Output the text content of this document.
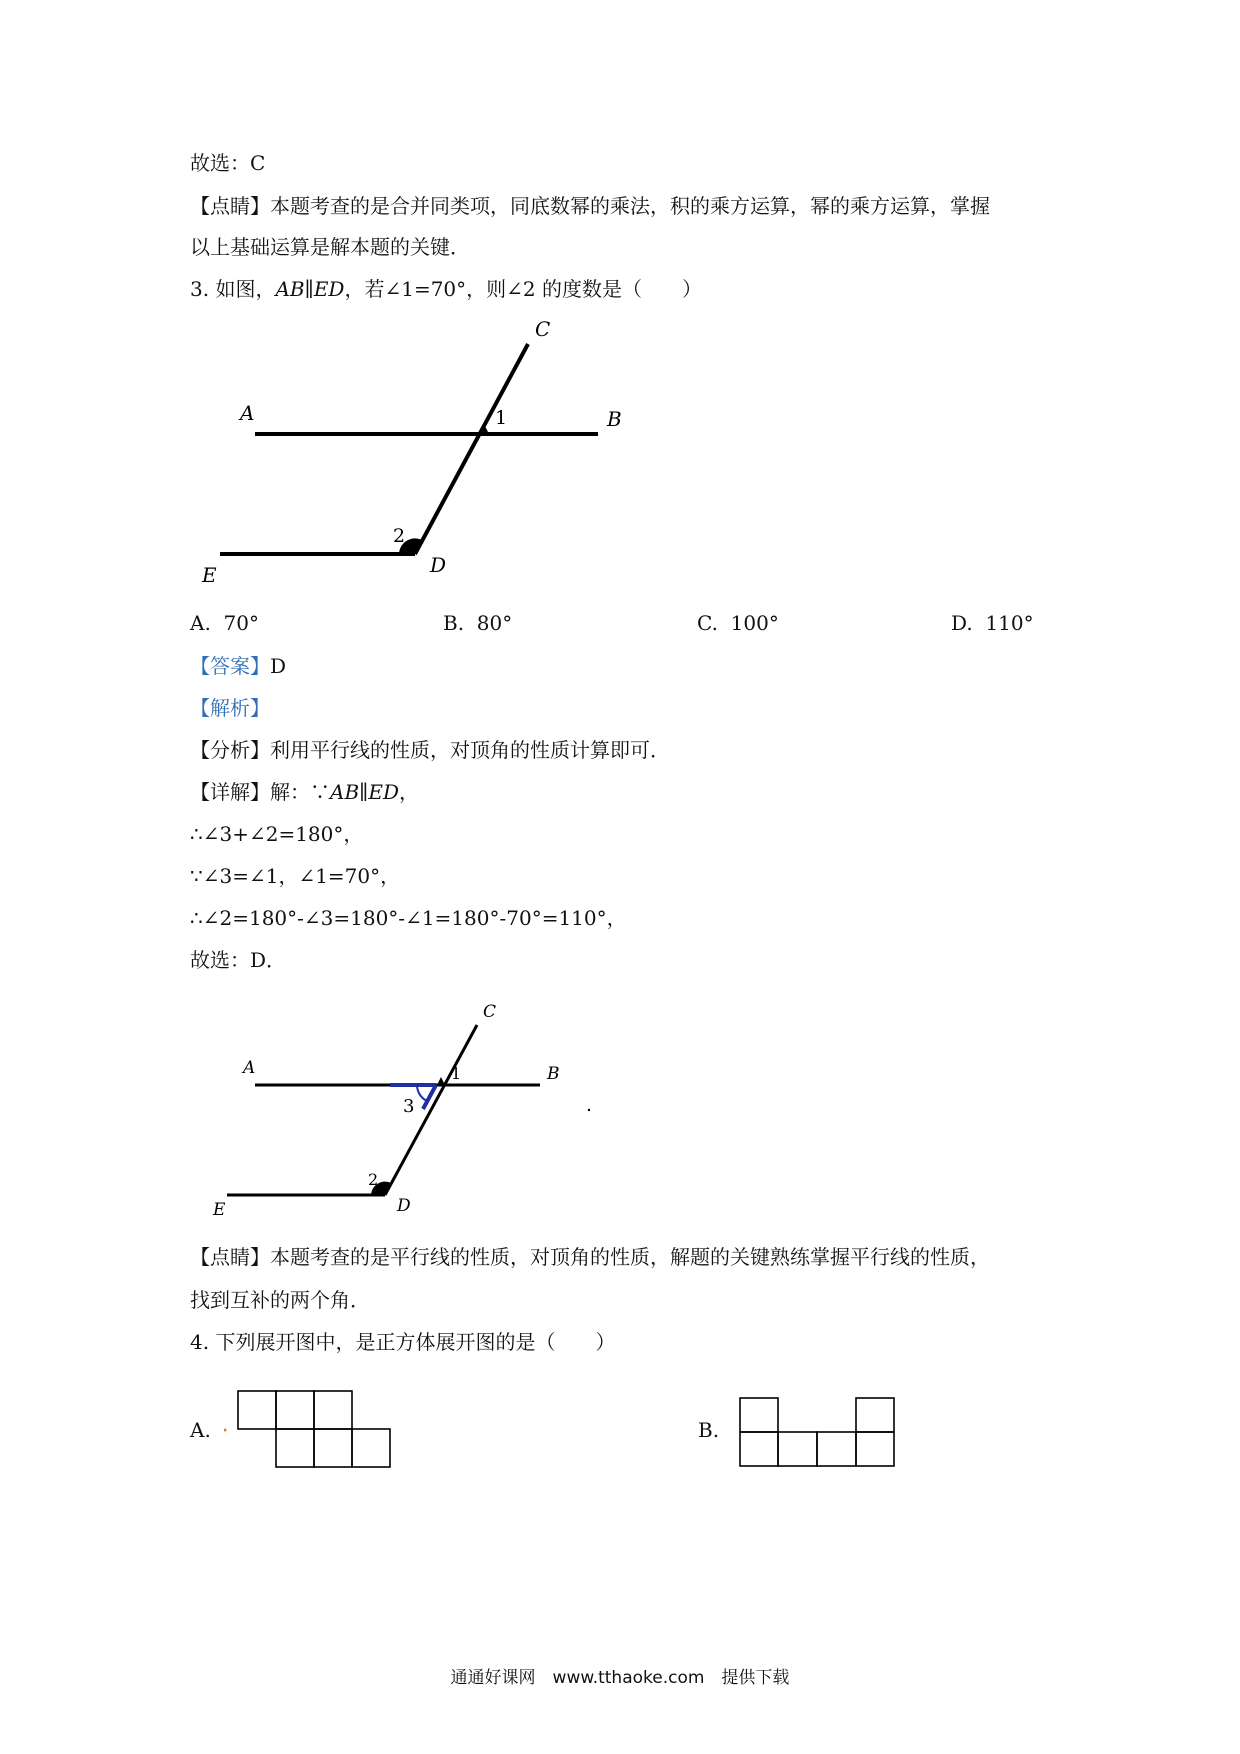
故选：C
【点睛】本题考查的是合并同类项，同底数幂的乘法，积的乘方运算，幂的乘方运算，掌握
以上基础运算是解本题的关键．
3. 如图，AB∥ED，若∠1=70°，则∠2 的度数是（　　）
A	B
C
D
E
1
2
A. 70°	B. 80°	C. 100°	D. 110°
【答案】D
【解析】
【分析】利用平行线的性质，对顶角的性质计算即可．
【详解】解：∵AB∥ED，
∴∠3+∠2=180°，
∵∠3=∠1，∠1=70°，
∴∠2=180°-∠3=180°-∠1=180°-70°=110°，
故选：D．
A	B
C
D
E
1
2
3
【点睛】本题考查的是平行线的性质，对顶角的性质，解题的关键熟练掌握平行线的性质，
找到互补的两个角．
4. 下列展开图中，是正方体展开图的是（　　）
A.	B.
通通好课网　www.tthaoke.com　提供下载
